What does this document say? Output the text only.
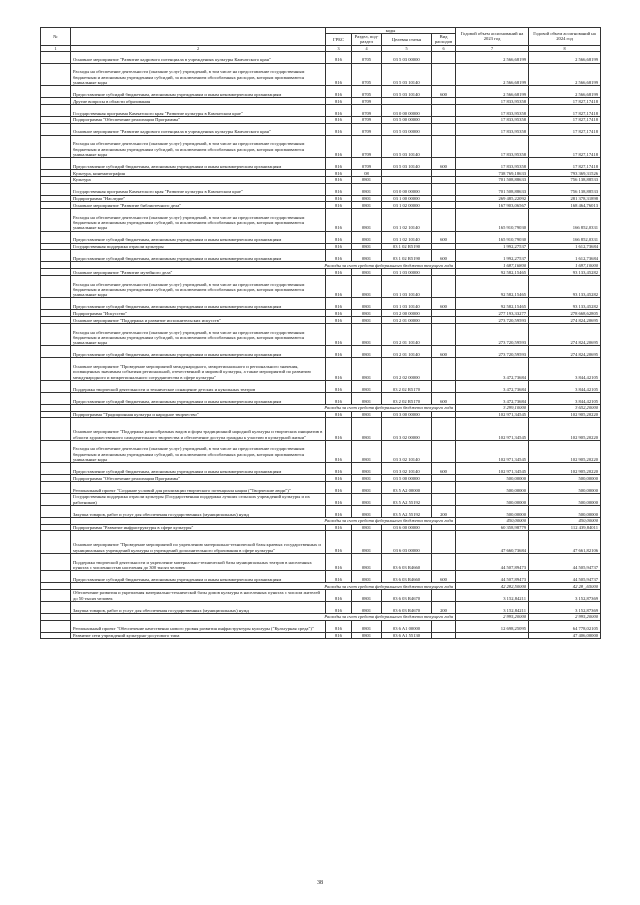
№		коды				Годовой объем ассигнований на 2023 год	Годовой объем ассигнований на 2024 год
		ГРБС	Раздел, под-раздел	Целевая статья	Вид расходов		
1	2	3	4	5	6	7	8
	Основное мероприятие "Развитие кадрового потенциала в учреждениях культуры Камчатского края"	816	0705	03 5 03 00000		2 566,68199	2 566,68199
	Расходы на обеспечение деятельности (оказание услуг) учреждений, в том числе на предоставление государственным бюджетным и автономным учреждениям субсидий, за исключением обособленных расходов, которым присваиваются уникальные коды	816	0705	03 5 03 10140		2 566,68199	2 566,68199
	Предоставление субсидий бюджетным, автономным учреждениям и иным некоммерческим организациям	816	0705	03 5 03 10140	600	2 566,68199	2 566,68199
	Другие вопросы в области образования	816	0709			17 833,95358	17 827,17418
	Государственная программа Камчатского края "Развитие культуры в Камчатском крае"	816	0709	03 0 00 00000		17 833,95358	17 827,17418
	Подпрограмма "Обеспечение реализации Программы"	816	0709	03 5 00 00000		17 833,95358	17 827,17418
	Основное мероприятие "Развитие кадрового потенциала в учреждениях культуры Камчатского края"	816	0709	03 5 03 00000		17 833,95358	17 827,17418
	Расходы на обеспечение деятельности (оказание услуг) учреждений, в том числе на предоставление государственным бюджетным и автономным учреждениям субсидий, за исключением обособленных расходов, которым присваиваются уникальные коды	816	0709	03 5 03 10140		17 833,95358	17 827,17418
	Предоставление субсидий бюджетным, автономным учреждениям и иным некоммерческим организациям	816	0709	03 5 03 10140	600	17 833,95358	17 827,17418
	Культура, кинематография	816	08			738 769,18633	793 369,31526
	Культура	816	0801			701 508,88633	756 138,88533
	Государственная программа Камчатского края "Развитие культуры в Камчатском крае"	816	0801	03 0 00 00000		701 508,88633	756 138,88533
	Подпрограмма "Наследие"	816	0801	03 1 00 00000		269 485,22092	281 378,31898
	Основное мероприятие "Развитие библиотечного дела"	816	0801	03 1 02 00000		167 903,06567	168 464,76013
	Расходы на обеспечение деятельности (оказание услуг) учреждений, в том числе на предоставление государственным бюджетным и автономным учреждениям субсидий, за исключением обособленных расходов, которым присваиваются уникальные коды	816	0801	03 1 02 10140		165 910,79030	166 852,0331
	Предоставление субсидий бюджетным, автономным учреждениям и иным некоммерческим организациям	816	0801	03 1 02 10140	600	165 910,79030	166 852,0331
	Государственная поддержка отрасли культуры	816	0801	03 1 02 R5190		1 992,27537	1 612,73684
	Предоставление субсидий бюджетным, автономным учреждениям и иным некоммерческим организациям	816	0801	03 1 02 R5190	600	1 992,27537	1 612,73684
	Расходы за счет средств федерального бюджета текущего года					1 687,16800	1 697,10000
	Основное мероприятие "Развитие музейного дела"	816	0801	03 1 03 00000		92 582,15465	93 133,45282
	Расходы на обеспечение деятельности (оказание услуг) учреждений, в том числе на предоставление государственным бюджетным и автономным учреждениям субсидий, за исключением обособленных расходов, которым присваиваются уникальные коды	816	0801	03 1 03 10140		92 582,15465	93 133,45282
	Предоставление субсидий бюджетным, автономным учреждениям и иным некоммерческим организациям	816	0801	03 1 03 10140	600	92 582,15465	93 133,45282
	Подпрограмма "Искусство"	816	0801	03 2 00 00000		277 193,33277	278 668,62805
	Основное мероприятие "Поддержка и развитие исполнительских искусств"	816	0801	03 2 01 00000		273 720,59593	274 824,20695
	Расходы на обеспечение деятельности (оказание услуг) учреждений, в том числе на предоставление государственным бюджетным и автономным учреждениям субсидий, за исключением обособленных расходов, которым присваиваются уникальные коды	816	0801	03 2 01 10140		273 720,59593	274 824,20695
	Предоставление субсидий бюджетным, автономным учреждениям и иным некоммерческим организациям	816	0801	03 2 01 10140	600	273 720,59593	274 824,20695
	Основное мероприятие "Проведение мероприятий международного, межрегионального и регионального значения, посвященных значимым событиям региональной, отечественной и мировой культуры, а также мероприятий по развитию международного и межрегионального сотрудничества в сфере культуры"	816	0801	03 2 02 00000		3 472,73684	3 844,42105
	Поддержка творческой деятельности и техническое оснащение детских и кукольных театров	816	0801	03 2 02 R5170		3 472,73684	3 844,42105
	Предоставление субсидий бюджетным, автономным учреждениям и иным некоммерческим организациям	816	0801	03 2 02 R5170	600	3 472,73684	3 844,42105
	Расходы за счет средств федерального бюджета текущего года					3 299,10000	3 652,20000
	Подпрограмма "Традиционная культура и народное творчество"	816	0801	03 3 00 00000		102 971,34545	102 905,20220
	Основное мероприятие "Поддержка разнообразных видов и форм традиционной народной культуры и творческих инициатив в области художественного самодеятельного творчества и обеспечение доступа граждан к участию в культурной жизни"	816	0801	03 3 02 00000		102 971,34545	102 905,20220
	Расходы на обеспечение деятельности (оказание услуг) учреждений, в том числе на предоставление государственным бюджетным и автономным учреждениям субсидий, за исключением обособленных расходов, которым присваиваются уникальные коды	816	0801	03 3 02 10140		102 971,34545	102 905,20220
	Предоставление субсидий бюджетным, автономным учреждениям и иным некоммерческим организациям	816	0801	03 3 02 10140	600	102 971,34545	102 905,20220
	Подпрограмма "Обеспечение реализации Программы"	816	0801	03 5 00 00000		500,00000	500,00000
	Региональный проект "Создание условий для реализации творческого потенциала нации ("Творческие люди")"	816	0801	03 5 A2 00000		500,00000	500,00000
	Государственная поддержка отрасли культуры (Государственная поддержка лучших сельских учреждений культуры и их работников)	816	0801	03 5 A2 55192		500,00000	500,00000
	Закупка товаров, работ и услуг для обеспечения государственных (муниципальных) нужд	816	0801	03 5 A2 55192	200	500,00000	500,00000
	Расходы за счет средств федерального бюджета текущего года					450,00000	450,00000
	Подпрограмма "Развитие инфраструктуры в сфере культуры"	816	0801	03 6 00 00000		60 358,98779	112 439,84011
	Основное мероприятие "Проведение мероприятий по укреплению материально-технической базы краевых государственных и муниципальных учреждений культуры и учреждений дополнительного образования в сфере культуры"	816	0801	03 6 03 00000		47 660,73684	47 661,82106
	Поддержка творческой деятельности и укрепление материально-технической базы муниципальных театров в населенных пунктах с численностью населения до 300 тысяч человек	816	0801	03 6 03 R4660		44 507,89473	44 505,94737
	Предоставление субсидий бюджетным, автономным учреждениям и иным некоммерческим организациям	816	0801	03 6 03 R4660	600	44 507,89473	44 505,94737
	Расходы за счет средств федерального бюджета текущего года					42 282,50000	42 28_,65000
	Обеспечение развития и укрепления материально-технической базы домов культуры в населенных пунктах с числом жителей до 50 тысяч человек	816	0801	03 6 03 R4670		3 152,84211	3 152,87369
	Закупка товаров, работ и услуг для обеспечения государственных (муниципальных) нужд	816	0801	03 6 03 R4670	200	3 152,84211	3 152,87369
	Расходы за счет средств федерального бюджета текущего года					2 995,20000	2 995,20000
	Региональный проект "Обеспечение качественно нового уровня развития инфраструктуры культуры ("Культурная среда")"	816	0801	03 6 A1 00000		12 698,25095	64 778,02105
	Развитие сети учреждений культурно-досугового типа	816	0801	03 6 A1 55130			47 406,00000
38
